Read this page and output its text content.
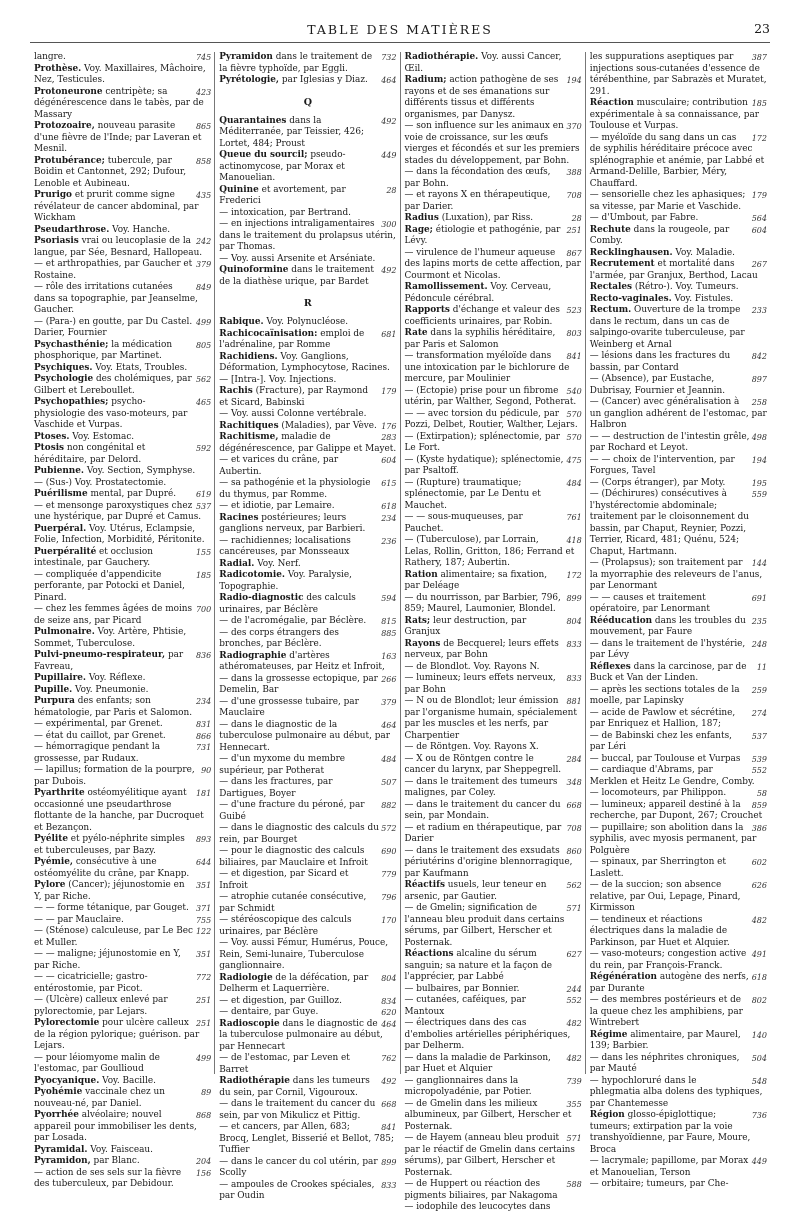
TABLE DES MATIÈRES	23

745
langre.

Prothèse. Voy. Maxillaires, Mâchoire, Nez, Testicules.

423
Protoneurone centripète; sa dégénérescence dans le tabès, par de Massary

865
Protozoaire, nouveau parasite d'une fièvre de l'Inde; par Laveran et Mesnil.

858
Protubérance; tubercule, par Boidin et Cantonnet, 292; Dufour, Lenoble et Aubineau.

435
Prurigo et prurit comme signe révélateur de cancer abdominal, par Wickham

Pseudarthrose. Voy. Hanche.

242
Psoriasis vrai ou leucoplasie de la langue, par Sée, Besnard, Hallopeau.

379
— et arthropathies, par Gaucher et Rostaine.

849
— rôle des irritations cutanées dans sa topographie, par Jeanselme, Gaucher.

499
— (Para-) en goutte, par Du Castel. Darier, Fournier

805
Psychasthénie; la médication phosphorique, par Martinet.

Psychiques. Voy. Etats, Troubles.

562
Psychologie des cholémiques, par Gilbert et Lereboullet.

465
Psychopathies; psycho-physiologie des vaso-moteurs, par Vaschide et Vurpas.

Ptoses. Voy. Estomac.

592
Ptosis non congénital et héréditaire, par Delord.

Pubienne. Voy. Section, Symphyse.

— (Sus-) Voy. Prostatectomie.

619
Puérilisme mental, par Dupré.

537
— et mensonge paroxystiques chez une hystérique, par Dupré et Camus.

Puerpéral. Voy. Utérus, Eclampsie, Folie, Infection, Morbidité, Péritonite.

155
Puerpéralité et occlusion intestinale, par Gauchery.

185
— compliquée d'appendicite perforante, par Potocki et Daniel, Pinard.

700
— chez les femmes âgées de moins de seize ans, par Picard

Pulmonaire. Voy. Artère, Phtisie, Sommet, Tuberculose.

836
Pulvi-pneumo-respirateur, par Favreau,

Pupillaire. Voy. Réflexe.

Pupille. Voy. Pneumonie.

234
Purpura des enfants; son hématologie, par Paris et Salomon.

831
— expérimental, par Grenet.

866
— état du caillot, par Grenet.

731
— hémorragique pendant la grossesse, par Rudaux.

90
— lapillus; formation de la pourpre, par Dubois.

181
Pyarthrite ostéomyélitique ayant occasionné une pseudarthrose flottante de la hanche, par Ducroquet et Bezançon.

893
Pyélite et pyélo-néphrite simples et tuberculeuses, par Bazy.

644
Pyémie, consécutive à une ostéomyélite du crâne, par Knapp.

351
Pylore (Cancer); jéjunostomie en Y, par Riche.

371
— — forme tétanique, par Gouget.

755
— — par Mauclaire.

122
— (Sténose) calculeuse, par Le Bec et Muller.

351
— — maligne; jéjunostomie en Y, par Riche.

772
— — cicatricielle; gastro-entérostomie, par Picot.

251
— (Ulcère) calleux enlevé par pylorectomie, par Lejars.

251
Pylorectomie pour ulcère calleux de la région pylorique; guérison. par Lejars.

499
— pour léiomyome malin de l'estomac, par Goullioud

Pyocyanique. Voy. Bacille.

89
Pyohémie vaccinale chez un nouveau-né, par Daniel.

868
Pyorrhée alvéolaire; nouvel appareil pour immobiliser les dents, par Losada.

Pyramidal. Voy. Faisceau.

204
Pyramidon, par Blanc.

156
— action de ses sels sur la fièvre des tuberculeux, par Debidour.

732
Pyramidon dans le traitement de la fièvre typhoïde, par Eggli.

464
Pyrétologie, par Iglesias y Diaz.

Q

492
Quarantaines dans la Méditerranée, par Teissier, 426; Lortet, 484; Proust

449
Queue du sourcil; pseudo-actinomycose, par Morax et Manouelian.

28
Quinine et avortement, par Frederici

— intoxication, par Bertrand.

300
— en injections intraligamentaires dans le traitement du prolapsus utérin, par Thomas.

— Voy. aussi Arsenite et Arséniate.

492
Quinoformine dans le traitement de la diathèse urique, par Bardet

R

Rabique. Voy. Polynucléose.

681
Rachicocaïnisation: emploi de l'adrénaline, par Romme

Rachidiens. Voy. Ganglions, Déformation, Lymphocytose, Racines.

— [Intra-]. Voy. Injections.

179
Rachis (Fracture), par Raymond et Sicard, Babinski

— Voy. aussi Colonne vertébrale.

176
Rachitiques (Maladies), par Vève.

283
Rachitisme, maladie de dégénérescence, par Galippe et Mayet.

604
— et varices du crâne, par Aubertin.

615
— sa pathogénie et la physiologie du thymus, par Romme.

618
— et idiotie, par Lemaire.

234
Racines postérieures; leurs ganglions nerveux, par Barbieri.

236
— rachidiennes; localisations cancéreuses, par Monsseaux

Radial. Voy. Nerf.

Radicotomie. Voy. Paralysie, Topographie.

594
Radio-diagnostic des calculs urinaires, par Béclère

815
— de l'acromégalie, par Béclère.

885
— des corps étrangers des bronches, par Béclère.

163
Radiographie d'artères athéromateuses, par Heitz et Infroit,

266
— dans la grossesse ectopique, par Demelin, Bar

379
— d'une grossesse tubaire, par Mauclaire

464
— dans le diagnostic de la tuberculose pulmonaire au début, par Hennecart.

484
— d'un myxome du membre supérieur, par Potherat

507
— dans les fractures, par Dartigues, Boyer

882
— d'une fracture du péroné, par Guibé

572
— dans le diagnostic des calculs du rein, par Bourget

690
— pour le diagnostic des calculs biliaires, par Mauclaire et Infroit

779
— et digestion, par Sicard et Infroit

796
— atrophie cutanée consécutive, par Schmidt

170
— stéréoscopique des calculs urinaires, par Béclère

— Voy. aussi Fémur, Humérus, Pouce, Rein, Semi-lunaire, Tuberculose ganglionnaire.

804
Radiologie de la défécation, par Delherm et Laquerrière.

834
— et digestion, par Guilloz.

620
— dentaire, par Guye.

464
Radioscopie dans le diagnostic de la tuberculose pulmonaire au début, par Hennecart

762
— de l'estomac, par Leven et Barret

492
Radiothérapie dans les tumeurs du sein, par Cornil, Vigouroux.

668
— dans le traitement du cancer du sein, par von Mikulicz et Pittig.

841
— et cancers, par Allen, 683; Brocq, Lenglet, Bisserié et Bellot, 785; Tuffier

899
— dans le cancer du col utérin, par Scolly

833
— ampoules de Crookes spéciales, par Oudin

Radiothérapie. Voy. aussi Cancer, Œil.

194
Radium; action pathogène de ses rayons et de ses émanations sur différents tissus et différents organismes, par Danysz.

370
— son influence sur les animaux en voie de croissance, sur les œufs vierges et fécondés et sur les premiers stades du développement, par Bohn.

388
— dans la fécondation des œufs, par Bohn.

708
— et rayons X en thérapeutique, par Darier.

28
Radius (Luxation), par Riss.

251
Rage; étiologie et pathogénie, par Lévy.

867
— virulence de l'humeur aqueuse des lapins morts de cette affection, par Courmont et Nicolas.

Ramollissement. Voy. Cerveau, Pédoncule cérébral.

523
Rapports d'échange et valeur des coefficients urinaires, par Robin.

803
Rate dans la syphilis héréditaire, par Paris et Salomon

841
— transformation myéloïde dans une intoxication par le bichlorure de mercure, par Moulinier

540
— (Ectopie) prise pour un fibrome utérin, par Walther, Segond, Potherat.

570
— — avec torsion du pédicule, par Pozzi, Delbet, Routier, Walther, Lejars.

570
— (Extirpation); splénectomie, par Le Fort.

475
— (Kyste hydatique); splénectomie, par Psaltoff.

484
— (Rupture) traumatique; splénectomie, par Le Dentu et Mauchet.

761
— — sous-muqueuses, par Pauchet.

418
— (Tuberculose), par Lorrain, Lelas, Rollin, Gritton, 186; Ferrand et Rathery, 187; Aubertin.

172
Ration alimentaire; sa fixation, par Deléage

899
— du nourrisson, par Barbier, 796, 859; Maurel, Laumonier, Blondel.

804
Rats; leur destruction, par Granjux

833
Rayons de Becquerel; leurs effets nerveux, par Bohn

— de Blondlot. Voy. Rayons N.

833
— lumineux; leurs effets nerveux, par Bohn

881
— N ou de Blondlot; leur émission par l'organisme humain, spécialement par les muscles et les nerfs, par Charpentier

— de Röntgen. Voy. Rayons X.

284
— X ou de Röntgen contre le cancer du larynx, par Sheppegrell.

348
— dans le traitement des tumeurs malignes, par Coley.

668
— dans le traitement du cancer du sein, par Mondain.

708
— et radium en thérapeutique, par Darier

860
— dans le traitement des exsudats périutérins d'origine blennorragique, par Kaufmann

562
Réactifs usuels, leur teneur en arsenic, par Gautier.

571
— de Gmelin; signification de l'anneau bleu produit dans certains sérums, par Gilbert, Herscher et Posternak.

627
Réactions alcaline du sérum sanguin; sa nature et la façon de l'apprécier, par Labbé

244
— bulbaires, par Bonnier.

552
— cutanées, caféiques, par Mantoux

482
— électriques dans des cas d'embolies artérielles périphériques, par Delherm.

482
— dans la maladie de Parkinson, par Huet et Alquier

739
— ganglionnaires dans la micropolyadénie, par Potier.

355
— de Gmelin dans les milieux albumineux, par Gilbert, Herscher et Posternak.

571
— de Hayem (anneau bleu produit par le réactif de Gmelin dans certains sérums), par Gilbert, Herscher et Posternak.

588
— de Huppert ou réaction des pigments biliaires, par Nakagoma

— iodophile des leucocytes dans

387
les suppurations aseptiques par injections sous-cutanées d'essence de térébenthine, par Sabrazès et Muratet, 291.

185
Réaction musculaire; contribution expérimentale à sa connaissance, par Toulouse et Vurpas.

172
— myéloïde du sang dans un cas de syphilis héréditaire précoce avec splénographie et anémie, par Labbé et Armand-Delille, Barbier, Méry, Chauffard.

179
— sensorielle chez les aphasiques; sa vitesse, par Marie et Vaschide.

564
— d'Umbout, par Fabre.

604
Rechute dans la rougeole, par Comby.

Recklinghausen. Voy. Maladie.

267
Recrutement et mortalité dans l'armée, par Granjux, Berthod, Lacau

Rectales (Rétro-). Voy. Tumeurs.

Recto-vaginales. Voy. Fistules.

233
Rectum. Ouverture de la trompe dans le rectum, dans un cas de salpingo-ovarite tuberculeuse, par Weinberg et Arnal

842
— lésions dans les fractures du bassin, par Contard

897
— (Absence), par Eustache, Dubrisay, Fournier et Jeannin.

258
— (Cancer) avec généralisation à un ganglion adhérent de l'estomac, par Halbron

498
— — destruction de l'intestin grêle, par Rochard et Leyot.

194
— — choix de l'intervention, par Forgues, Tavel

195
— (Corps étranger), par Moty.

559
— (Déchirures) consécutives à l'hystérectomie abdominale; traitement par le cloisonnement du bassin, par Chaput, Reynier, Pozzi, Terrier, Ricard, 481; Quénu, 524; Chaput, Hartmann.

144
— (Prolapsus); son traitement par la myorraphie des releveurs de l'anus, par Lenormant

691
— — causes et traitement opératoire, par Lenormant

235
Rééducation dans les troubles du mouvement, par Faure

248
— dans le traitement de l'hystérie, par Lévy

11
Réflexes dans la carcinose, par de Buck et Van der Linden.

259
— après les sections totales de la moelle, par Lapinsky

274
— acide de Pawlow et sécrétine, par Enriquez et Hallion, 187;

537
— de Babinski chez les enfants, par Léri

539
— buccal, par Toulouse et Vurpas

552
— cardiaque d'Abrams, par Merklen et Heitz Le Gendre, Comby.

58
— locomoteurs, par Philippon.

859
— lumineux; appareil destiné à la recherche, par Dupont, 267; Crouchet

386
— pupillaire; son abolition dans la syphilis, avec myosis permanent, par Polguère

602
— spinaux, par Sherrington et Laslett.

626
— de la succion; son absence relative, par Oui, Lepage, Pinard, Kirmisson

482
— tendineux et réactions électriques dans la maladie de Parkinson, par Huet et Alquier.

491
— vaso-moteurs; congestion active du rein, par François-Franck.

618
Régénération autogène des nerfs, par Durante

802
— des membres postérieurs et de la queue chez les amphibiens, par Wintrebert

140
Régime alimentaire, par Maurel, 139; Barbier.

504
— dans les néphrites chroniques, par Mauté

548
— hypochloruré dans le phlegmatia alba dolens des typhiques, par Chantemesse

736
Région glosso-épiglottique; tumeurs; extirpation par la voie transhyoïdienne, par Faure, Moure, Broca

449
— lacrymale; papillome, par Morax et Manouelian, Terson

— orbitaire; tumeurs, par Che-
